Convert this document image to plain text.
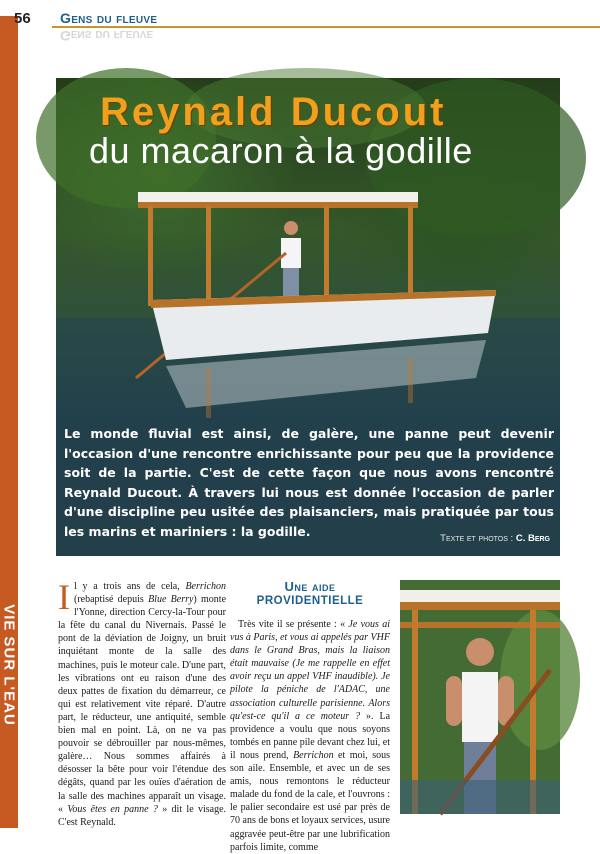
VIE SUR L'EAU
56 Gens du fleuve
Gens du fleuve
Reynald Ducout
du macaron à la godille
Le monde fluvial est ainsi, de galère, une panne peut devenir l'occasion d'une rencontre enrichissante pour peu que la providence soit de la partie. C'est de cette façon que nous avons rencontré Reynald Ducout. À travers lui nous est donnée l'occasion de parler d'une discipline peu usitée des plaisanciers, mais pratiquée par tous les marins et mariniers : la godille.	Texte et photos : C. Berg
Il y a trois ans de cela, Berrichon (rebaptisé depuis Blue Berry) monte l'Yonne, direction Cercy-la-Tour pour la fête du canal du Nivernais. Passé le pont de la déviation de Joigny, un bruit inquiétant monte de la salle des machines, puis le moteur cale. D'une part, les vibrations ont eu raison d'une des deux pattes de fixation du démarreur, ce qui est relativement vite réparé. D'autre part, le réducteur, une antiquité, semble bien mal en point. Là, on ne va pas pouvoir se débrouiller par nous-mêmes, galère… Nous sommes affairés à désosser la bête pour voir l'étendue des dégâts, quand par les ouïes d'aération de la salle des machines apparaît un visage. « Vous êtes en panne ? » dit le visage. C'est Reynald.
Une aide
PROVIDENTIELLE

Très vite il se présente : « Je vous ai vus à Paris, et vous ai appelés par VHF dans le Grand Bras, mais la liaison était mauvaise (Je me rappelle en effet avoir reçu un appel VHF inaudible). Je pilote la péniche de l'ADAC, une association culturelle parisienne. Alors qu'est-ce qu'il a ce moteur ? ». La providence a voulu que nous soyons tombés en panne pile devant chez lui, et il nous prend, Berrichon et moi, sous son aile. Ensemble, et avec un de ses amis, nous remontons le réducteur malade du fond de la cale, et l'ouvrons : le palier secondaire est usé par près de 70 ans de bons et loyaux services, usure aggravée peut-être par une lubrification parfois limite, comme
